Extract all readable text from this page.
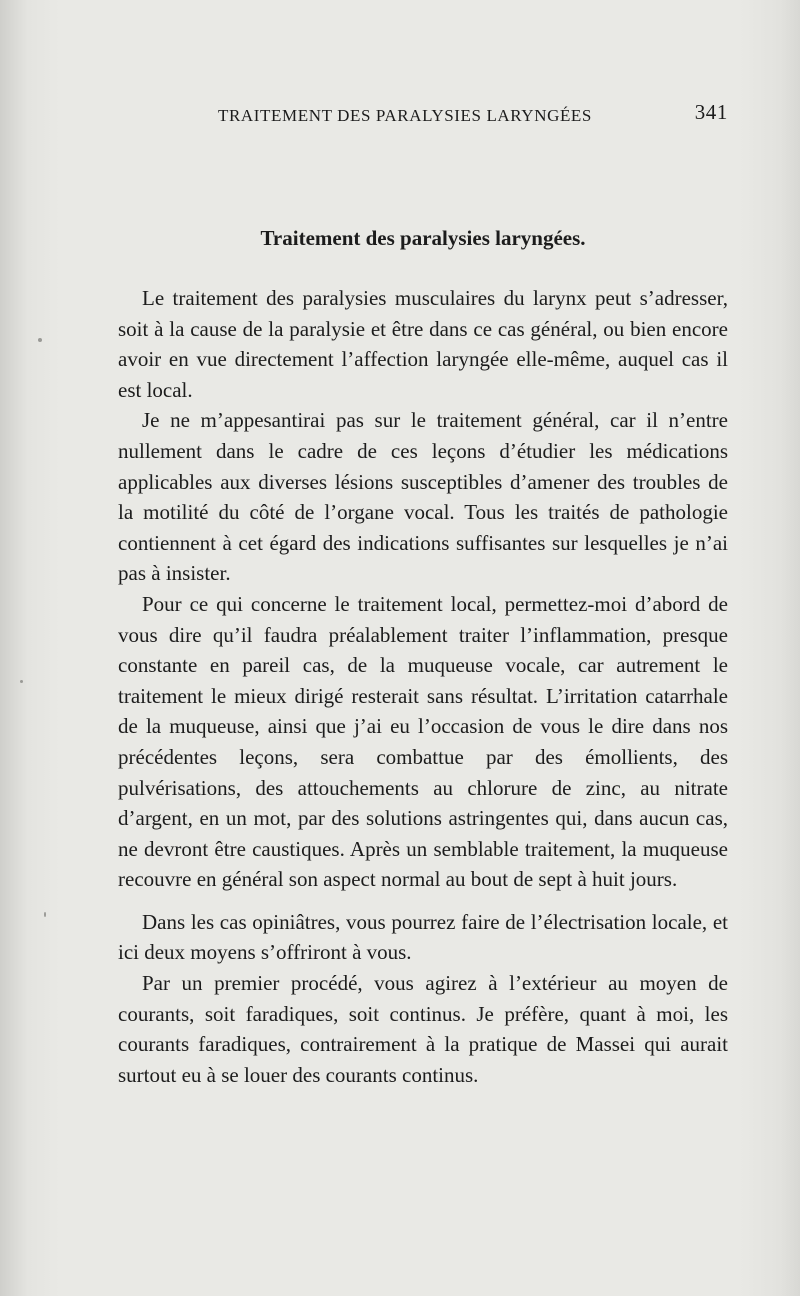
TRAITEMENT DES PARALYSIES LARYNGÉES	341
Traitement des paralysies laryngées.

Le traitement des paralysies musculaires du larynx peut s’adresser, soit à la cause de la paralysie et être dans ce cas général, ou bien encore avoir en vue directement l’affection laryngée elle-même, auquel cas il est local.

Je ne m’appesantirai pas sur le traitement général, car il n’entre nullement dans le cadre de ces leçons d’étudier les médications applicables aux diverses lésions susceptibles d’amener des troubles de la motilité du côté de l’organe vocal. Tous les traités de pathologie contiennent à cet égard des indications suffisantes sur lesquelles je n’ai pas à insister.

Pour ce qui concerne le traitement local, permettez-moi d’abord de vous dire qu’il faudra préalablement traiter l’inflammation, presque constante en pareil cas, de la muqueuse vocale, car autrement le traitement le mieux dirigé resterait sans résultat. L’irritation catarrhale de la muqueuse, ainsi que j’ai eu l’occasion de vous le dire dans nos précédentes leçons, sera combattue par des émollients, des pulvérisations, des attouchements au chlorure de zinc, au nitrate d’argent, en un mot, par des solutions astringentes qui, dans aucun cas, ne devront être caustiques. Après un semblable traitement, la muqueuse recouvre en général son aspect normal au bout de sept à huit jours.

Dans les cas opiniâtres, vous pourrez faire de l’électrisation locale, et ici deux moyens s’offriront à vous.

Par un premier procédé, vous agirez à l’extérieur au moyen de courants, soit faradiques, soit continus. Je préfère, quant à moi, les courants faradiques, contrairement à la pratique de Massei qui aurait surtout eu à se louer des courants continus.
